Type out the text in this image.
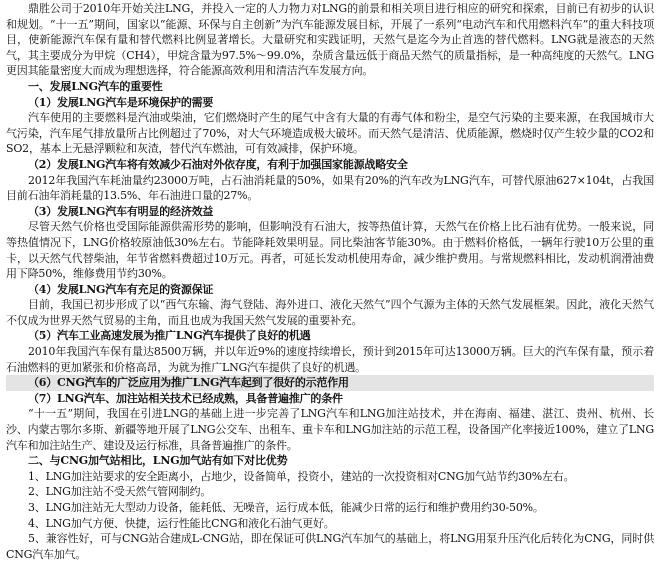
鼎胜公司于2010年开始关注LNG，并投入一定的人力物力对LNG的前景和相关项目进行相应的研究和探索，目前已有初步的认识和规划。“十一五”期间，国家以“能源、环保与自主创新”为汽车能源发展目标，开展了一系列“电动汽车和代用燃料汽车”的重大科技项目，使新能源汽车保有量和替代燃料比例显著增长。大量研究和实践证明，天然气是迄今为止首选的替代燃料。LNG就是液态的天然气，其主要成分为甲烷（CH4），甲烷含量为97.5%～99.0%，杂质含量远低于商品天然气的质量指标，是一种高纯度的天然气。LNG更因其能量密度大而成为理想选择，符合能源高效利用和清洁汽车发展方向。

一、发展LNG汽车的重要性

（1）发展LNG汽车是环境保护的需要

汽车使用的主要燃料是汽油或柴油，它们燃烧时产生的尾气中含有大量的有毒气体和粉尘，是空气污染的主要来源，在我国城市大气污染，汽车尾气排放量所占比例超过了70%，对大气环境造成极大破坏。而天然气是清洁、优质能源，燃烧时仅产生较少量的CO2和SO2，基本上无悬浮颗粒和灰渣，替代汽车燃油，可有效减排，保护环境。

（2）发展LNG汽车将有效减少石油对外依存度，有利于加强国家能源战略安全

2012年我国汽车耗油量约23000万吨，占石油消耗量的50%，如果有20%的汽车改为LNG汽车，可替代原油627×104t，占我国目前石油年消耗量的13.5%、年石油进口量的27%。

（3）发展LNG汽车有明显的经济效益

尽管天然气价格也受国际能源供需形势的影响，但影响没有石油大，按等热值计算，天然气在价格上比石油有优势。一般来说，同等热值情况下，LNG价格较原油低30%左右。节能降耗效果明显。同比柴油客节能30%。由于燃料价格低，一辆年行驶10万公里的重卡，以天然气代替柴油，年节省燃料费超过10万元。再者，可延长发动机使用寿命，减少维护费用。与常规燃料相比，发动机润滑油费用下降50%，维修费用节约30%。

（4）发展LNG汽车有充足的资源保证

目前，我国已初步形成了以“西气东输、海气登陆、海外进口、液化天然气”四个气源为主体的天然气发展框架。因此，液化天然气不仅成为世界天然气贸易的主角，而且也成为我国天然气发展的重要补充。

（5）汽车工业高速发展为推广LNG汽车提供了良好的机遇

2010年我国汽车保有量达8500万辆，并以年近9%的速度持续增长，预计到2015年可达13000万辆。巨大的汽车保有量，预示着石油燃料的更加紧张和价格高昂，为就为推广LNG汽车提供了良好的机遇。

（6）CNG汽车的广泛应用为推广LNG汽车起到了很好的示范作用

（7）LNG汽车、加注站相关技术已经成熟，具备普遍推广的条件

“十一五”期间，我国在引进LNG的基础上进一步完善了LNG汽车和LNG加注站技术，并在海南、福建、湛江、贵州、杭州、长沙、内蒙古鄂尔多斯、新疆等地开展了LNG公交车、出租车、重卡车和LNG加注站的示范工程，设备国产化率接近100%，建立了LNG汽车和加注站生产、建设及运行标准，具备普遍推广的条件。

二、与CNG加气站相比，LNG加气站有如下对比优势

1、LNG加注站要求的安全距离小，占地少，设备简单，投资小，建站的一次投资相对CNG加气站节约30%左右。

2、LNG加注站不受天然气管网制约。

3、LNG加注站无大型动力设备，能耗低、无噪音，运行成本低，能减少日常的运行和维护费用约30-50%。

4、LNG加气方便、快捷，运行性能比CNG和液化石油气更好。

5、兼容性好，可与CNG站合建成L-CNG站，即在保证可供LNG汽车加气的基础上，将LNG用泵升压汽化后转化为CNG，同时供CNG汽车加气。
